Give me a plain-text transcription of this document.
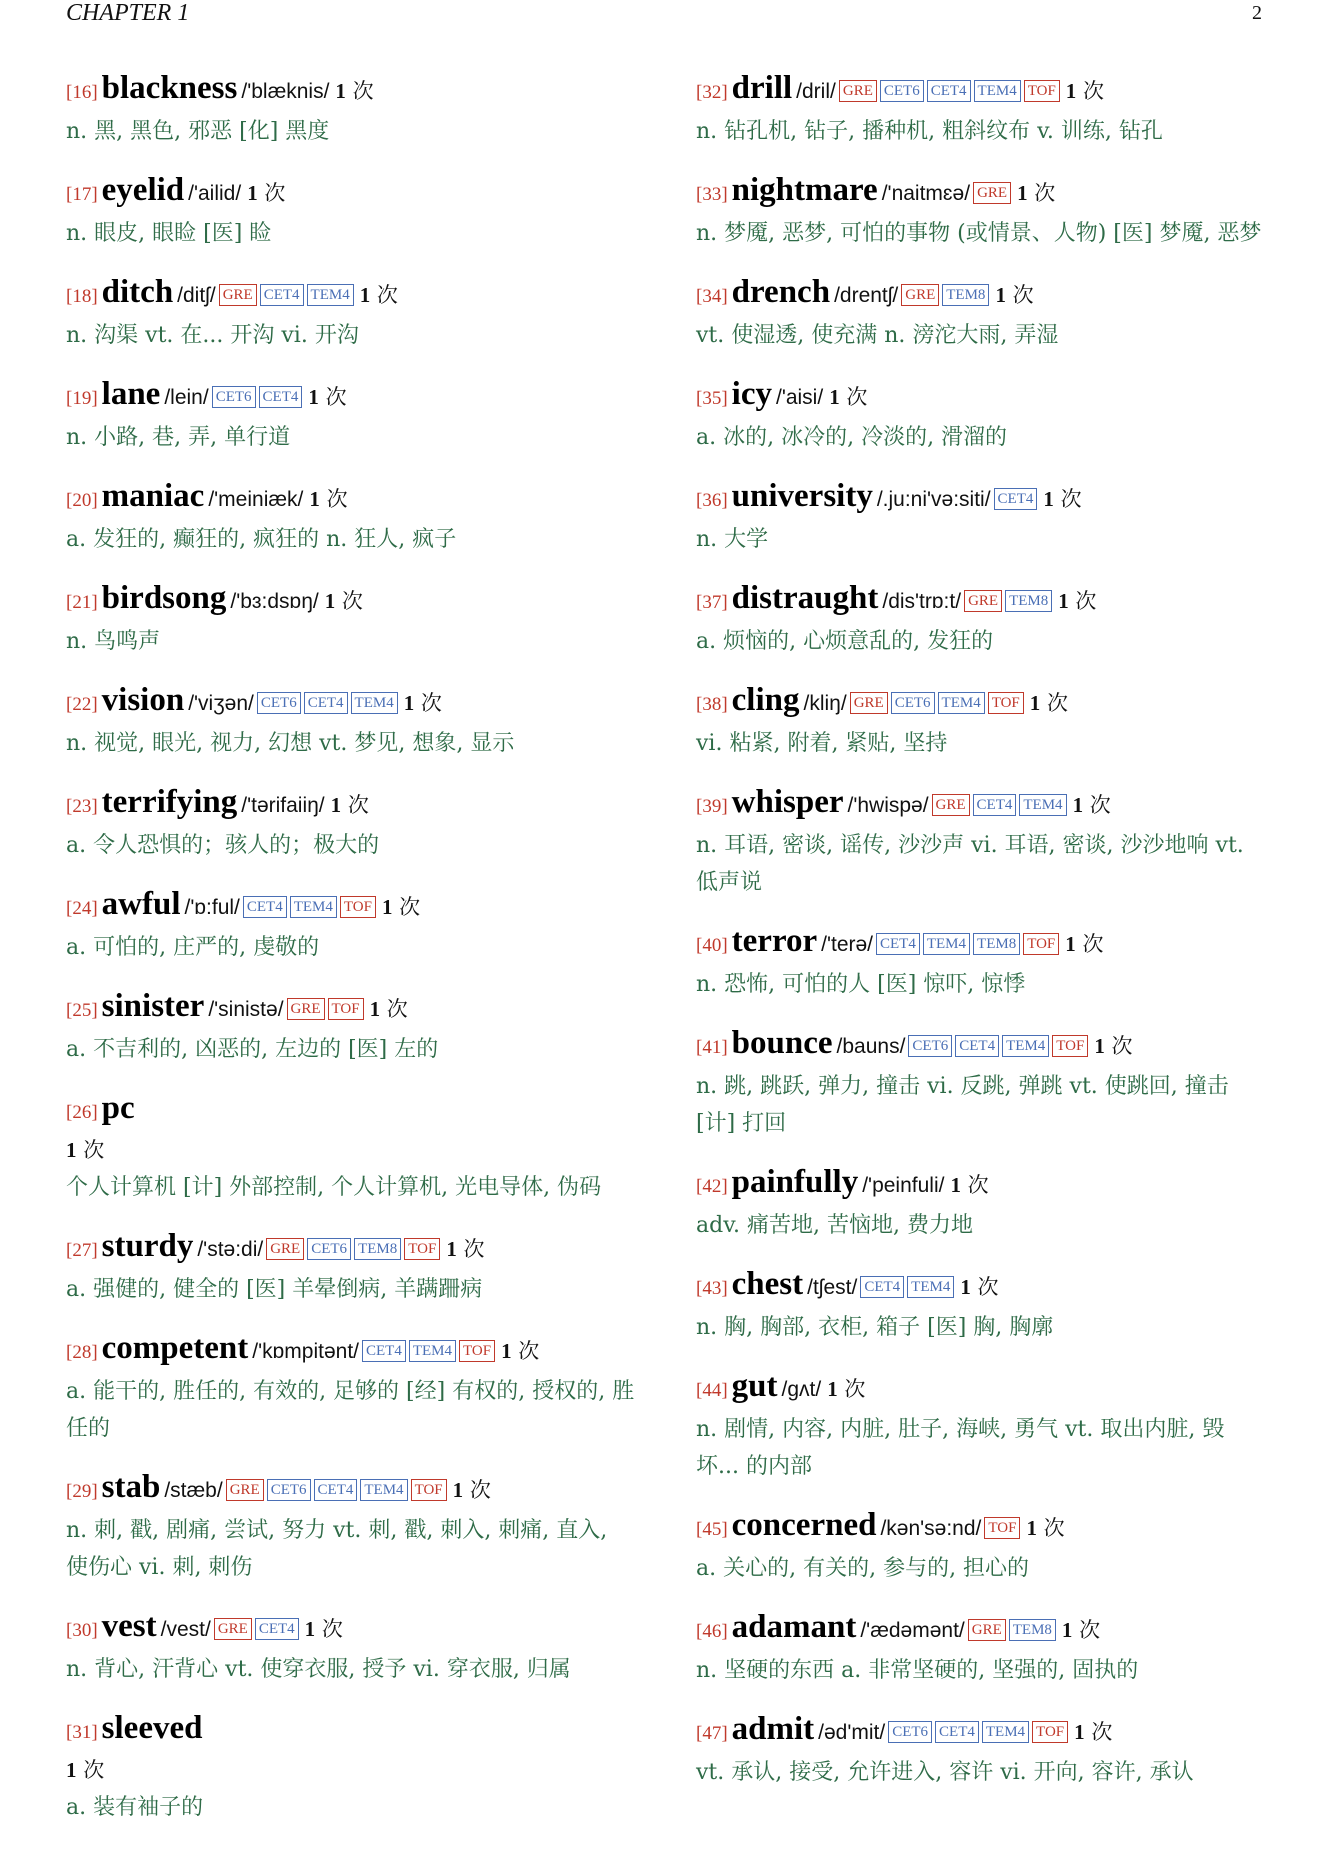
CHAPTER 1	2
[16] blackness /'blæknis/ 1 次
n. 黑, 黑色, 邪恶 [化] 黑度
[17] eyelid /'ailid/ 1 次
n. 眼皮, 眼睑 [医] 睑
[18] ditch /ditʃ/ GRE CET4 TEM4 1 次
n. 沟渠 vt. 在... 开沟 vi. 开沟
[19] lane /lein/ CET6 CET4 1 次
n. 小路, 巷, 弄, 单行道
[20] maniac /'meiniæk/ 1 次
a. 发狂的, 癫狂的, 疯狂的 n. 狂人, 疯子
[21] birdsong /'bɜ:dsɒŋ/ 1 次
n. 鸟鸣声
[22] vision /'viʒən/ CET6 CET4 TEM4 1 次
n. 视觉, 眼光, 视力, 幻想 vt. 梦见, 想象, 显示
[23] terrifying /'tərifaiiŋ/ 1 次
a. 令人恐惧的；骇人的；极大的
[24] awful /'ɒ:ful/ CET4 TEM4 TOF 1 次
a. 可怕的, 庄严的, 虔敬的
[25] sinister /'sinistə/ GRE TOF 1 次
a. 不吉利的, 凶恶的, 左边的 [医] 左的
[26] pc
1 次
个人计算机 [计] 外部控制, 个人计算机, 光电导体, 伪码
[27] sturdy /'stə:di/ GRE CET6 TEM8 TOF 1 次
a. 强健的, 健全的 [医] 羊晕倒病, 羊蹒跚病
[28] competent /'kɒmpitənt/ CET4 TEM4 TOF 1 次
a. 能干的, 胜任的, 有效的, 足够的 [经] 有权的, 授权的, 胜任的
[29] stab /stæb/ GRE CET6 CET4 TEM4 TOF 1 次
n. 刺, 戳, 剧痛, 尝试, 努力 vt. 刺, 戳, 刺入, 刺痛, 直入, 使伤心 vi. 刺, 刺伤
[30] vest /vest/ GRE CET4 1 次
n. 背心, 汗背心 vt. 使穿衣服, 授予 vi. 穿衣服, 归属
[31] sleeved
1 次
a. 装有袖子的
[32] drill /dril/ GRE CET6 CET4 TEM4 TOF 1 次
n. 钻孔机, 钻子, 播种机, 粗斜纹布 v. 训练, 钻孔
[33] nightmare /'naitmɛə/ GRE 1 次
n. 梦魇, 恶梦, 可怕的事物 (或情景、人物) [医] 梦魇, 恶梦
[34] drench /drentʃ/ GRE TEM8 1 次
vt. 使湿透, 使充满 n. 滂沱大雨, 弄湿
[35] icy /'aisi/ 1 次
a. 冰的, 冰冷的, 冷淡的, 滑溜的
[36] university /.ju:ni'və:siti/ CET4 1 次
n. 大学
[37] distraught /dis'trɒ:t/ GRE TEM8 1 次
a. 烦恼的, 心烦意乱的, 发狂的
[38] cling /kliŋ/ GRE CET6 TEM4 TOF 1 次
vi. 粘紧, 附着, 紧贴, 坚持
[39] whisper /'hwispə/ GRE CET4 TEM4 1 次
n. 耳语, 密谈, 谣传, 沙沙声 vi. 耳语, 密谈, 沙沙地响 vt. 低声说
[40] terror /'terə/ CET4 TEM4 TEM8 TOF 1 次
n. 恐怖, 可怕的人 [医] 惊吓, 惊悸
[41] bounce /bauns/ CET6 CET4 TEM4 TOF 1 次
n. 跳, 跳跃, 弹力, 撞击 vi. 反跳, 弹跳 vt. 使跳回, 撞击 [计] 打回
[42] painfully /'peinfuli/ 1 次
adv. 痛苦地, 苦恼地, 费力地
[43] chest /tʃest/ CET4 TEM4 1 次
n. 胸, 胸部, 衣柜, 箱子 [医] 胸, 胸廓
[44] gut /gʌt/ 1 次
n. 剧情, 内容, 内脏, 肚子, 海峡, 勇气 vt. 取出内脏, 毁坏... 的内部
[45] concerned /kən'sə:nd/ TOF 1 次
a. 关心的, 有关的, 参与的, 担心的
[46] adamant /'ædəmənt/ GRE TEM8 1 次
n. 坚硬的东西 a. 非常坚硬的, 坚强的, 固执的
[47] admit /əd'mit/ CET6 CET4 TEM4 TOF 1 次
vt. 承认, 接受, 允许进入, 容许 vi. 开向, 容许, 承认
